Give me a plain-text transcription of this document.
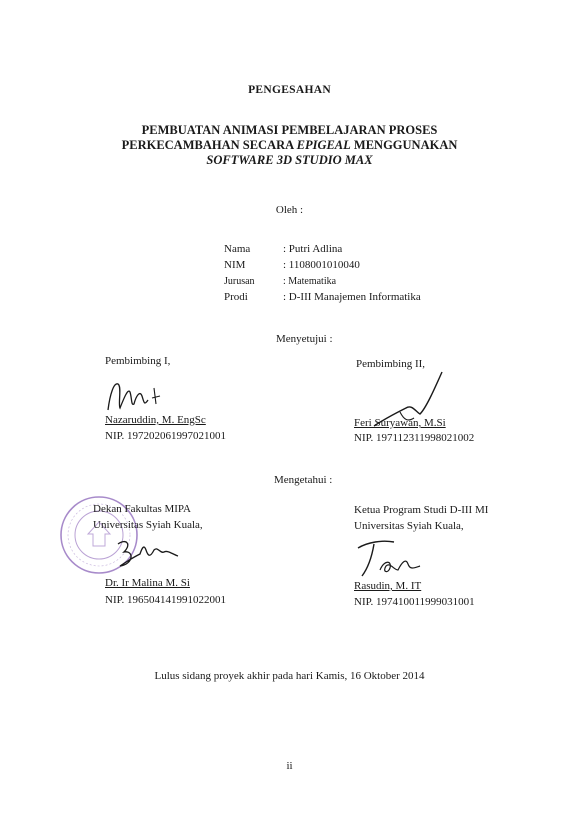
PENGESAHAN
PEMBUATAN ANIMASI PEMBELAJARAN PROSES
PERKECAMBAHAN SECARA EPIGEAL MENGGUNAKAN
SOFTWARE 3D STUDIO MAX
Oleh :
Nama	: Putri Adlina
NIM	: 1108001010040
Jurusan	: Matematika
Prodi	: D-III Manajemen Informatika
Menyetujui :
Pembimbing I,
Nazaruddin, M. EngSc
NIP. 197202061997021001
Pembimbing II,
Feri Suryawan, M.Si
NIP. 197112311998021002
Mengetahui :
Dekan Fakultas MIPA
Universitas Syiah Kuala,
Dr. Ir Malina M. Si
NIP. 196504141991022001
Ketua Program Studi D-III MI
Universitas Syiah Kuala,
Rasudin, M. IT
NIP. 197410011999031001
Lulus sidang proyek akhir pada hari Kamis, 16 Oktober 2014
ii
